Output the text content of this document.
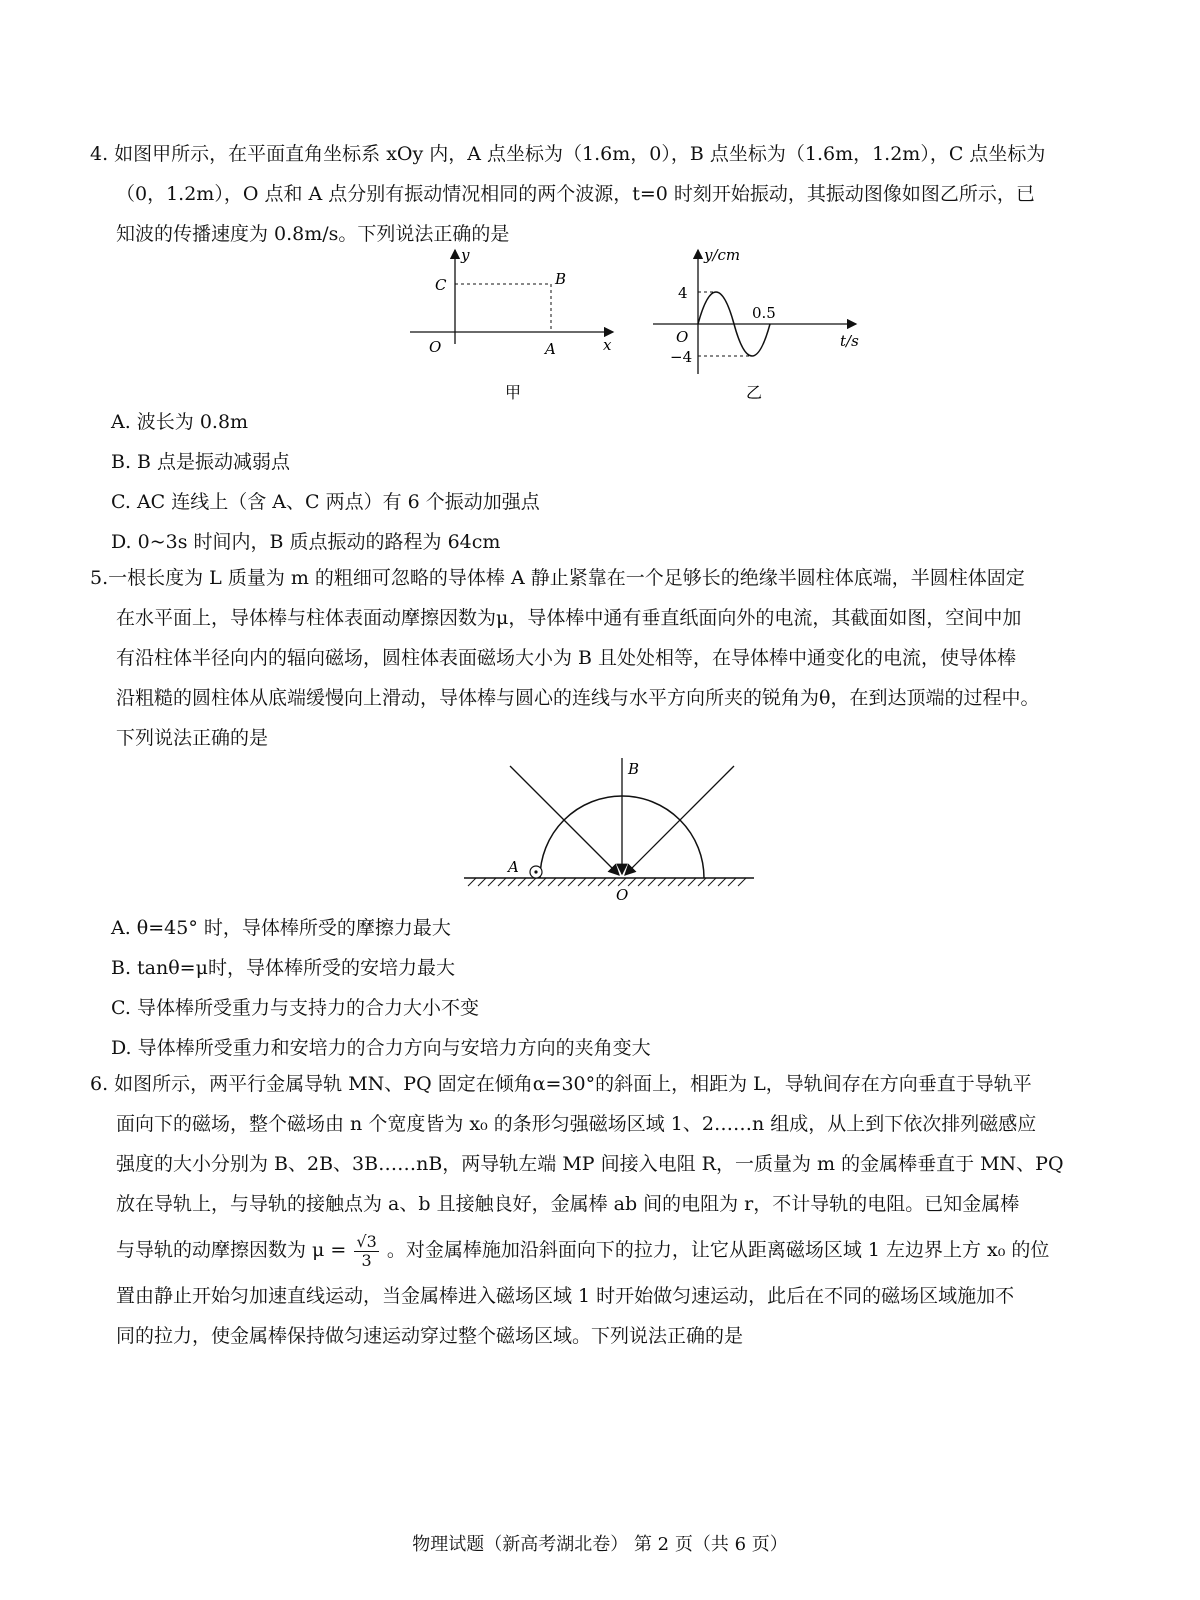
4. 如图甲所示，在平面直角坐标系 xOy 内，A 点坐标为（1.6m，0），B 点坐标为（1.6m，1.2m），C 点坐标为
（0，1.2m），O 点和 A 点分别有振动情况相同的两个波源，t=0 时刻开始振动，其振动图像如图乙所示，已
知波的传播速度为 0.8m/s。下列说法正确的是
y
x
O	A
B
C
甲
y/cm
t/s
O
4
−4
0.5
乙
A. 波长为 0.8m
B. B 点是振动减弱点
C. AC 连线上（含 A、C 两点）有 6 个振动加强点
D. 0~3s 时间内，B 质点振动的路程为 64cm
5.一根长度为 L 质量为 m 的粗细可忽略的导体棒 A 静止紧靠在一个足够长的绝缘半圆柱体底端，半圆柱体固定
在水平面上，导体棒与柱体表面动摩擦因数为μ，导体棒中通有垂直纸面向外的电流，其截面如图，空间中加
有沿柱体半径向内的辐向磁场，圆柱体表面磁场大小为 B 且处处相等，在导体棒中通变化的电流，使导体棒
沿粗糙的圆柱体从底端缓慢向上滑动，导体棒与圆心的连线与水平方向所夹的锐角为θ，在到达顶端的过程中。
下列说法正确的是
B
A
O
A. θ=45° 时，导体棒所受的摩擦力最大
B. tanθ=μ时，导体棒所受的安培力最大
C. 导体棒所受重力与支持力的合力大小不变
D. 导体棒所受重力和安培力的合力方向与安培力方向的夹角变大
6. 如图所示，两平行金属导轨 MN、PQ 固定在倾角α=30°的斜面上，相距为 L，导轨间存在方向垂直于导轨平
面向下的磁场，整个磁场由 n 个宽度皆为 x₀ 的条形匀强磁场区域 1、2……n 组成，从上到下依次排列磁感应
强度的大小分别为 B、2B、3B……nB，两导轨左端 MP 间接入电阻 R，一质量为 m 的金属棒垂直于 MN、PQ
放在导轨上，与导轨的接触点为 a、b 且接触良好，金属棒 ab 间的电阻为 r，不计导轨的电阻。已知金属棒
与导轨的动摩擦因数为 $\mu = \frac{√3}{3}$ 。对金属棒施加沿斜面向下的拉力，让它从距离磁场区域 1 左边界上方 x₀ 的位
置由静止开始匀加速直线运动，当金属棒进入磁场区域 1 时开始做匀速运动，此后在不同的磁场区域施加不
同的拉力，使金属棒保持做匀速运动穿过整个磁场区域。下列说法正确的是
物理试题（新高考湖北卷） 第 2 页（共 6 页）
